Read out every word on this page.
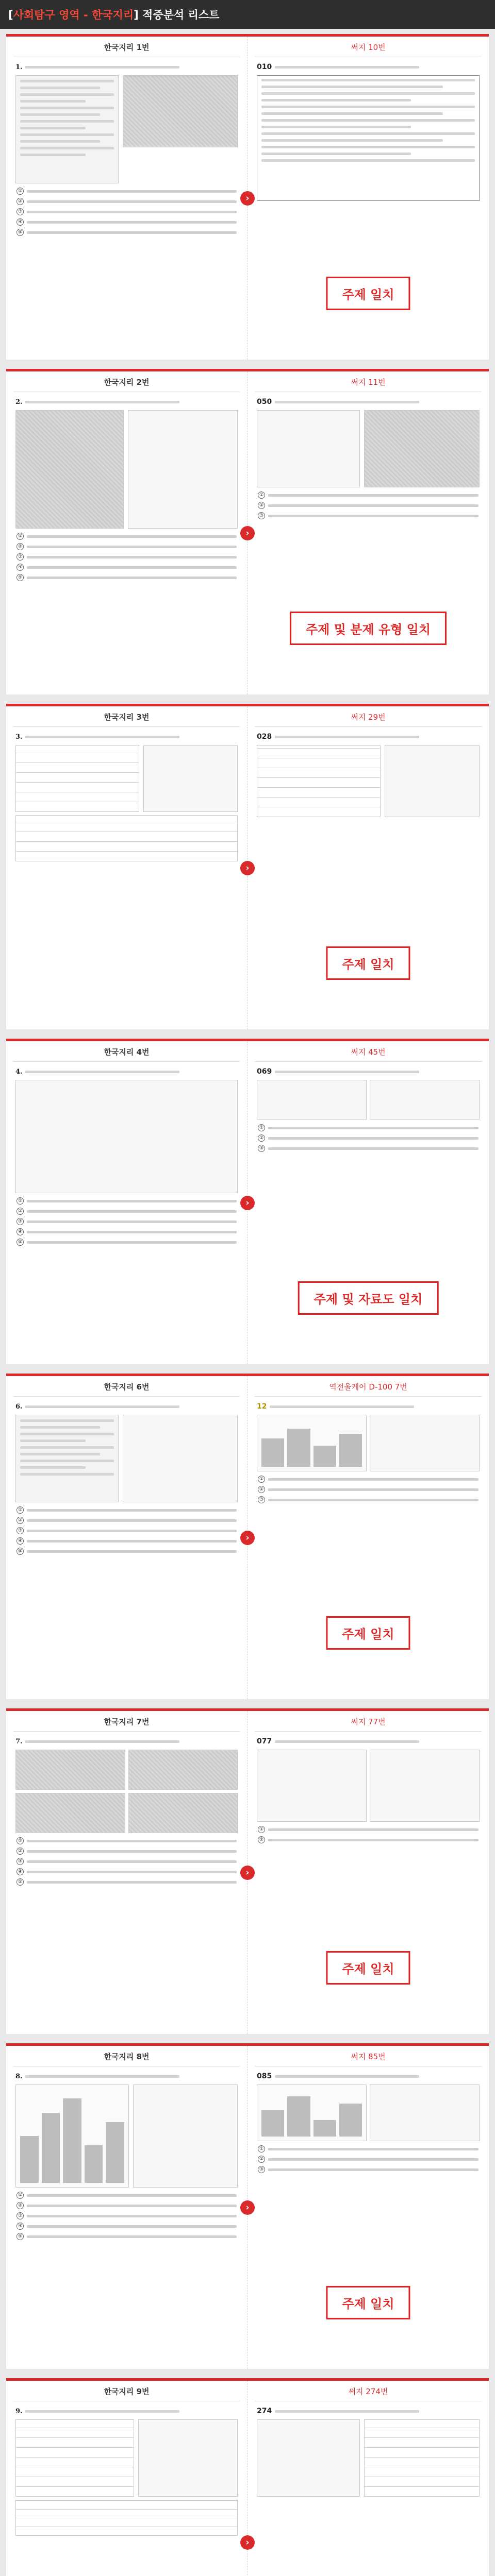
[사회탐구 영역 - 한국지리] 적중분석 리스트
한국지리 1번
1.
①
②
③
④
⑤
›
써지 10번
010
주제 일치
한국지리 2번
2.
①
②
③
④
⑤
›
써지 11번
050
①
②
③
주제 및 분제 유형 일치
한국지리 3번
3.
›
써지 29번
028
주제 일치
한국지리 4번
4.
①
②
③
④
⑤
›
써지 45번
069
①
②
③
주제 및 자료도 일치
한국지리 6번
6.
①
②
③
④
⑤
›
역전올케어 D-100 7번
12
①
②
③
주제 일치
한국지리 7번
7.
①
②
③
④
⑤
›
써지 77번
077
①
②
주제 일치
한국지리 8번
8.
①
②
③
④
⑤
›
써지 85번
085
①
②
③
주제 일치
한국지리 9번
9.
›
써지 274번
274
